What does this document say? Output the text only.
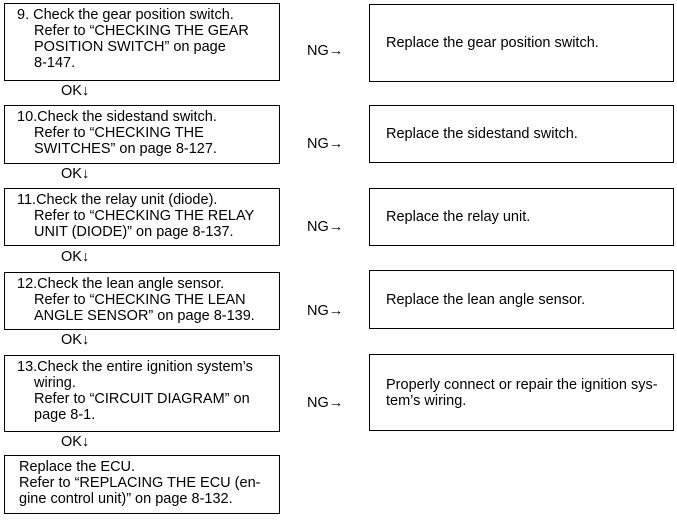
9. Check the gear position switch.
Refer to “CHECKING THE GEAR
POSITION SWITCH” on page
8-147.
NG→	Replace the gear position switch.
OK↓
10.Check the sidestand switch.
Refer to “CHECKING THE
SWITCHES” on page 8-127.	NG→
Replace the sidestand switch.
OK↓
11.Check the relay unit (diode).
Refer to “CHECKING THE RELAY
UNIT (DIODE)” on page 8-137.	NG→
Replace the relay unit.
OK↓
12.Check the lean angle sensor.
Refer to “CHECKING THE LEAN
ANGLE SENSOR” on page 8-139.	NG→
Replace the lean angle sensor.
OK↓
13.Check the entire ignition system’s
wiring.
Refer to “CIRCUIT DIAGRAM” on
page 8-1.
NG→
Properly connect or repair the ignition sys-
tem’s wiring.
OK↓
Replace the ECU.
Refer to “REPLACING THE ECU (en-
gine control unit)” on page 8-132.
